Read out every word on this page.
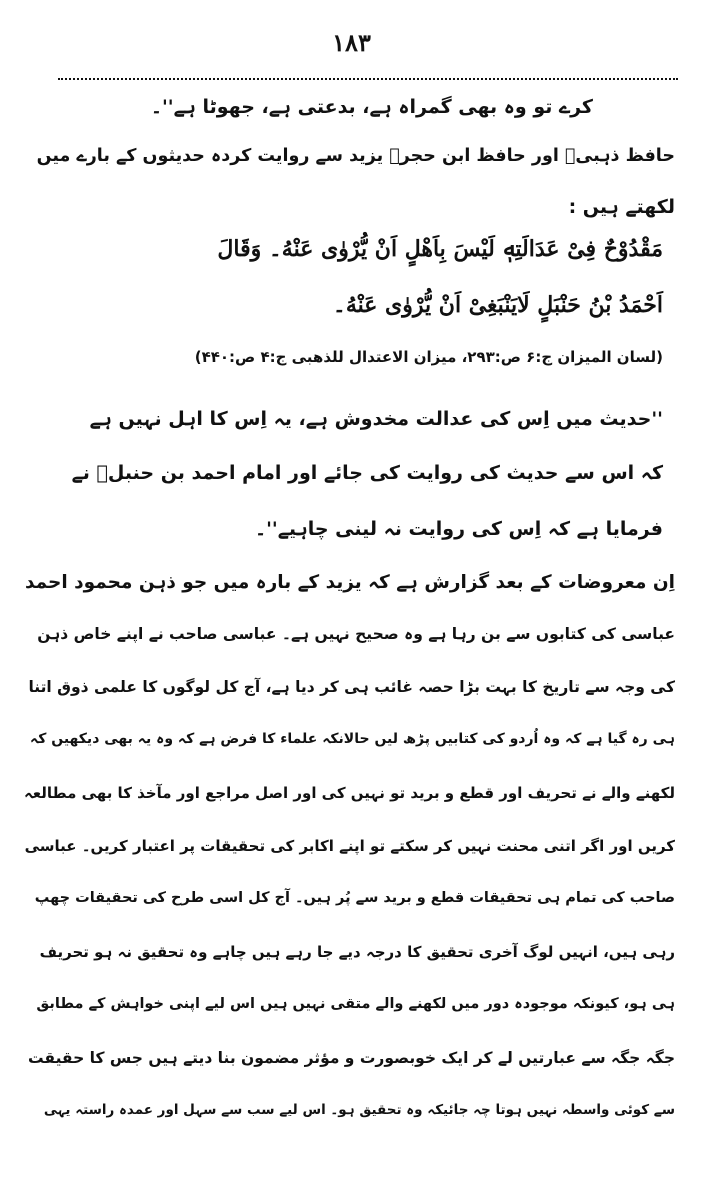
۱۸۳
کرے تو وہ بھی گمراہ ہے، بدعتی ہے، جھوٹا ہے''۔
حافظ ذہبیؒ اور حافظ ابن حجرؒ یزید سے روایت کردہ حدیثوں کے بارے میں
لکھتے ہیں :
مَقْدُوْحٌ فِیْ عَدَالَتِهٖ لَیْسَ بِاَهْلٍ اَنْ یُّرْوٰی عَنْهُ۔ وَقَالَ
اَحْمَدُ بْنُ حَنْبَلٍ لَایَنْبَغِیْ اَنْ یُّرْوٰی عَنْهُ۔
(لسان المیزان ج:۶ ص:۲۹۳، میزان الاعتدال للذھبی ج:۴ ص:۴۴۰)
''حدیث میں اِس کی عدالت مخدوش ہے، یہ اِس کا اہل نہیں ہے
کہ اس سے حدیث کی روایت کی جائے اور امام احمد بن حنبلؒ نے
فرمایا ہے کہ اِس کی روایت نہ لینی چاہیے''۔
اِن معروضات کے بعد گزارش ہے کہ یزید کے بارہ میں جو ذہن محمود احمد
عباسی کی کتابوں سے بن رہا ہے وہ صحیح نہیں ہے۔ عباسی صاحب نے اپنے خاص ذہن
کی وجہ سے تاریخ کا بہت بڑا حصہ غائب ہی کر دیا ہے، آج کل لوگوں کا علمی ذوق اتنا
ہی رہ گیا ہے کہ وہ اُردو کی کتابیں پڑھ لیں حالانکہ علماء کا فرض ہے کہ وہ یہ بھی دیکھیں کہ
لکھنے والے نے تحریف اور قطع و برید تو نہیں کی اور اصل مراجع اور مآخذ کا بھی مطالعہ
کریں اور اگر اتنی محنت نہیں کر سکتے تو اپنے اکابر کی تحقیقات پر اعتبار کریں۔ عباسی
صاحب کی تمام ہی تحقیقات قطع و برید سے پُر ہیں۔ آج کل اسی طرح کی تحقیقات چھپ
رہی ہیں، انہیں لوگ آخری تحقیق کا درجہ دیے جا رہے ہیں چاہے وہ تحقیق نہ ہو تحریف
ہی ہو، کیونکہ موجودہ دور میں لکھنے والے متقی نہیں ہیں اس لیے اپنی خواہش کے مطابق
جگہ جگہ سے عبارتیں لے کر ایک خوبصورت و مؤثر مضمون بنا دیتے ہیں جس کا حقیقت
سے کوئی واسطہ نہیں ہوتا چہ جائیکہ وہ تحقیق ہو۔ اس لیے سب سے سہل اور عمدہ راستہ یہی
